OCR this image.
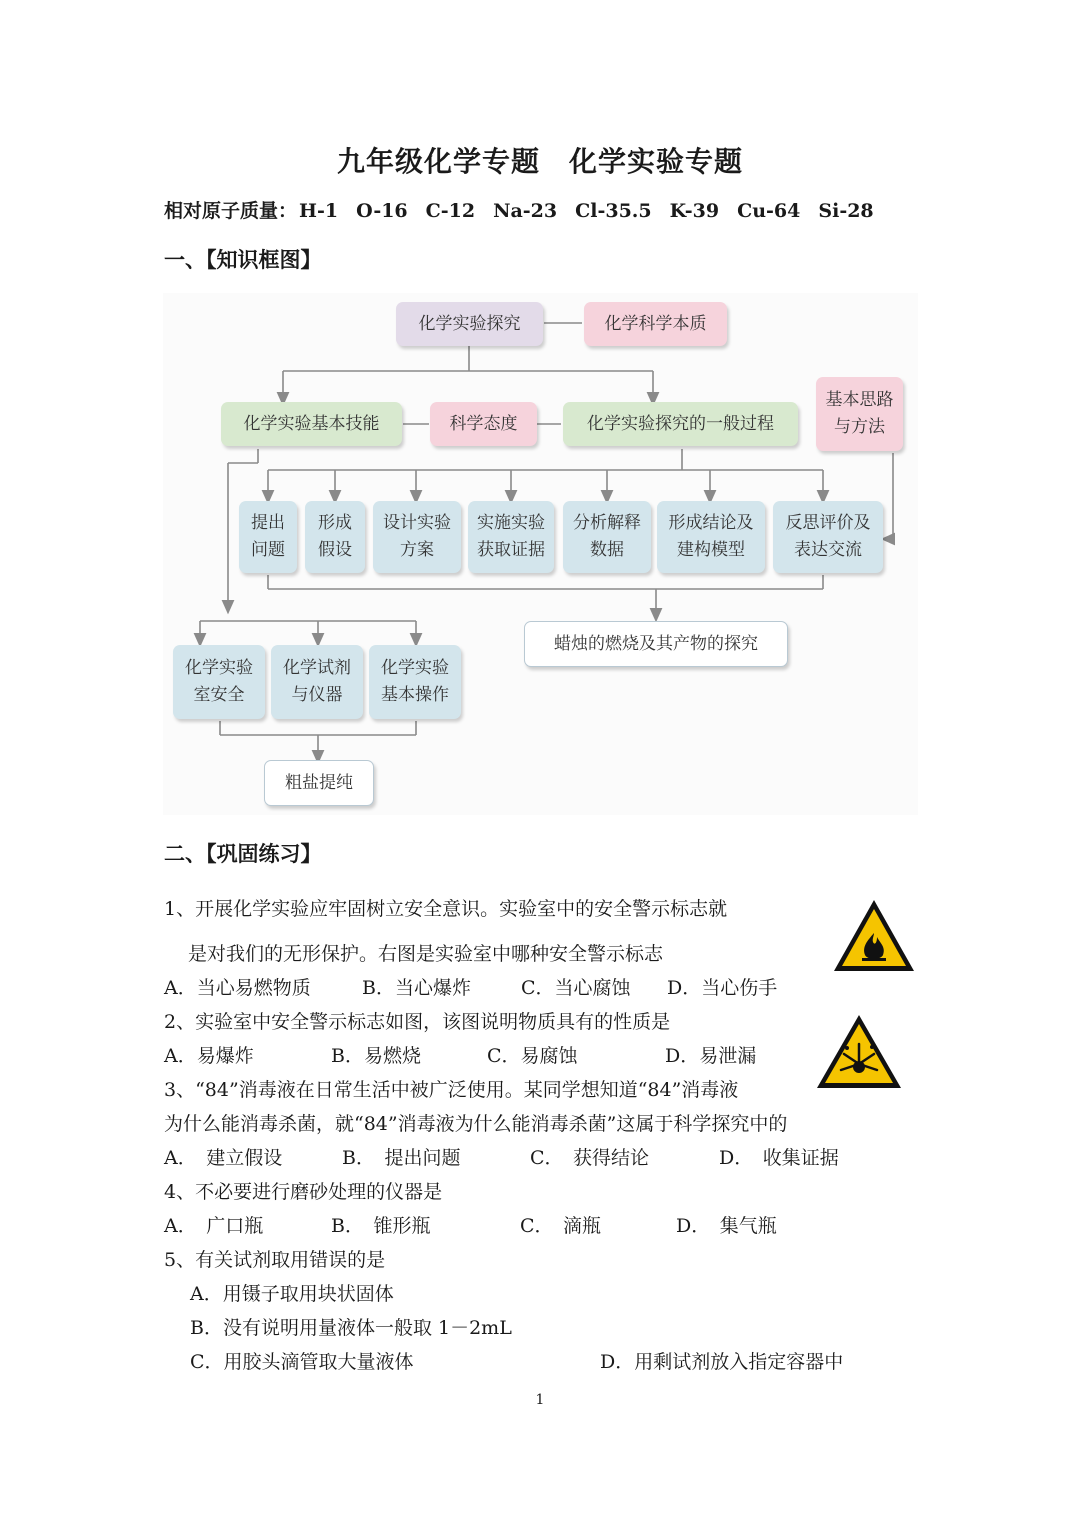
九年级化学专题　化学实验专题
相对原子质量： H-1 O-16 C-12 Na-23 Cl-35.5 K-39 Cu-64 Si-28
一、【知识框图】
化学实验探究	化学科学本质
化学实验基本技能	科学态度	化学实验探究的一般过程
基本思路与方法
提出问题
形成假设
设计实验方案
实施实验获取证据
分析解释数据
形成结论及建构模型
反思评价及表达交流
蜡烛的燃烧及其产物的探究
化学实验室安全
化学试剂与仪器
化学实验基本操作
粗盐提纯
二、【巩固练习】
1、开展化学实验应牢固树立安全意识。实验室中的安全警示标志就
是对我们的无形保护。右图是实验室中哪种安全警示标志
A．当心易燃物质	B．当心爆炸	C．当心腐蚀 D．当心伤手
2、实验室中安全警示标志如图，该图说明物质具有的性质是
A．易爆炸	B．易燃烧	C．易腐蚀	D．易泄漏
3、“84”消毒液在日常生活中被广泛使用。某同学想知道“84”消毒液
为什么能消毒杀菌，就“84”消毒液为什么能消毒杀菌”这属于科学探究中的
A．　建立假设	B．　提出问题	C．　获得结论	D．　收集证据
4、不必要进行磨砂处理的仪器是
A．　广口瓶	B．　锥形瓶	C．　滴瓶	D．　集气瓶
5、有关试剂取用错误的是
A．用镊子取用块状固体
B．没有说明用量液体一般取 1－2mL
C．用胶头滴管取大量液体	D．用剩试剂放入指定容器中
1
